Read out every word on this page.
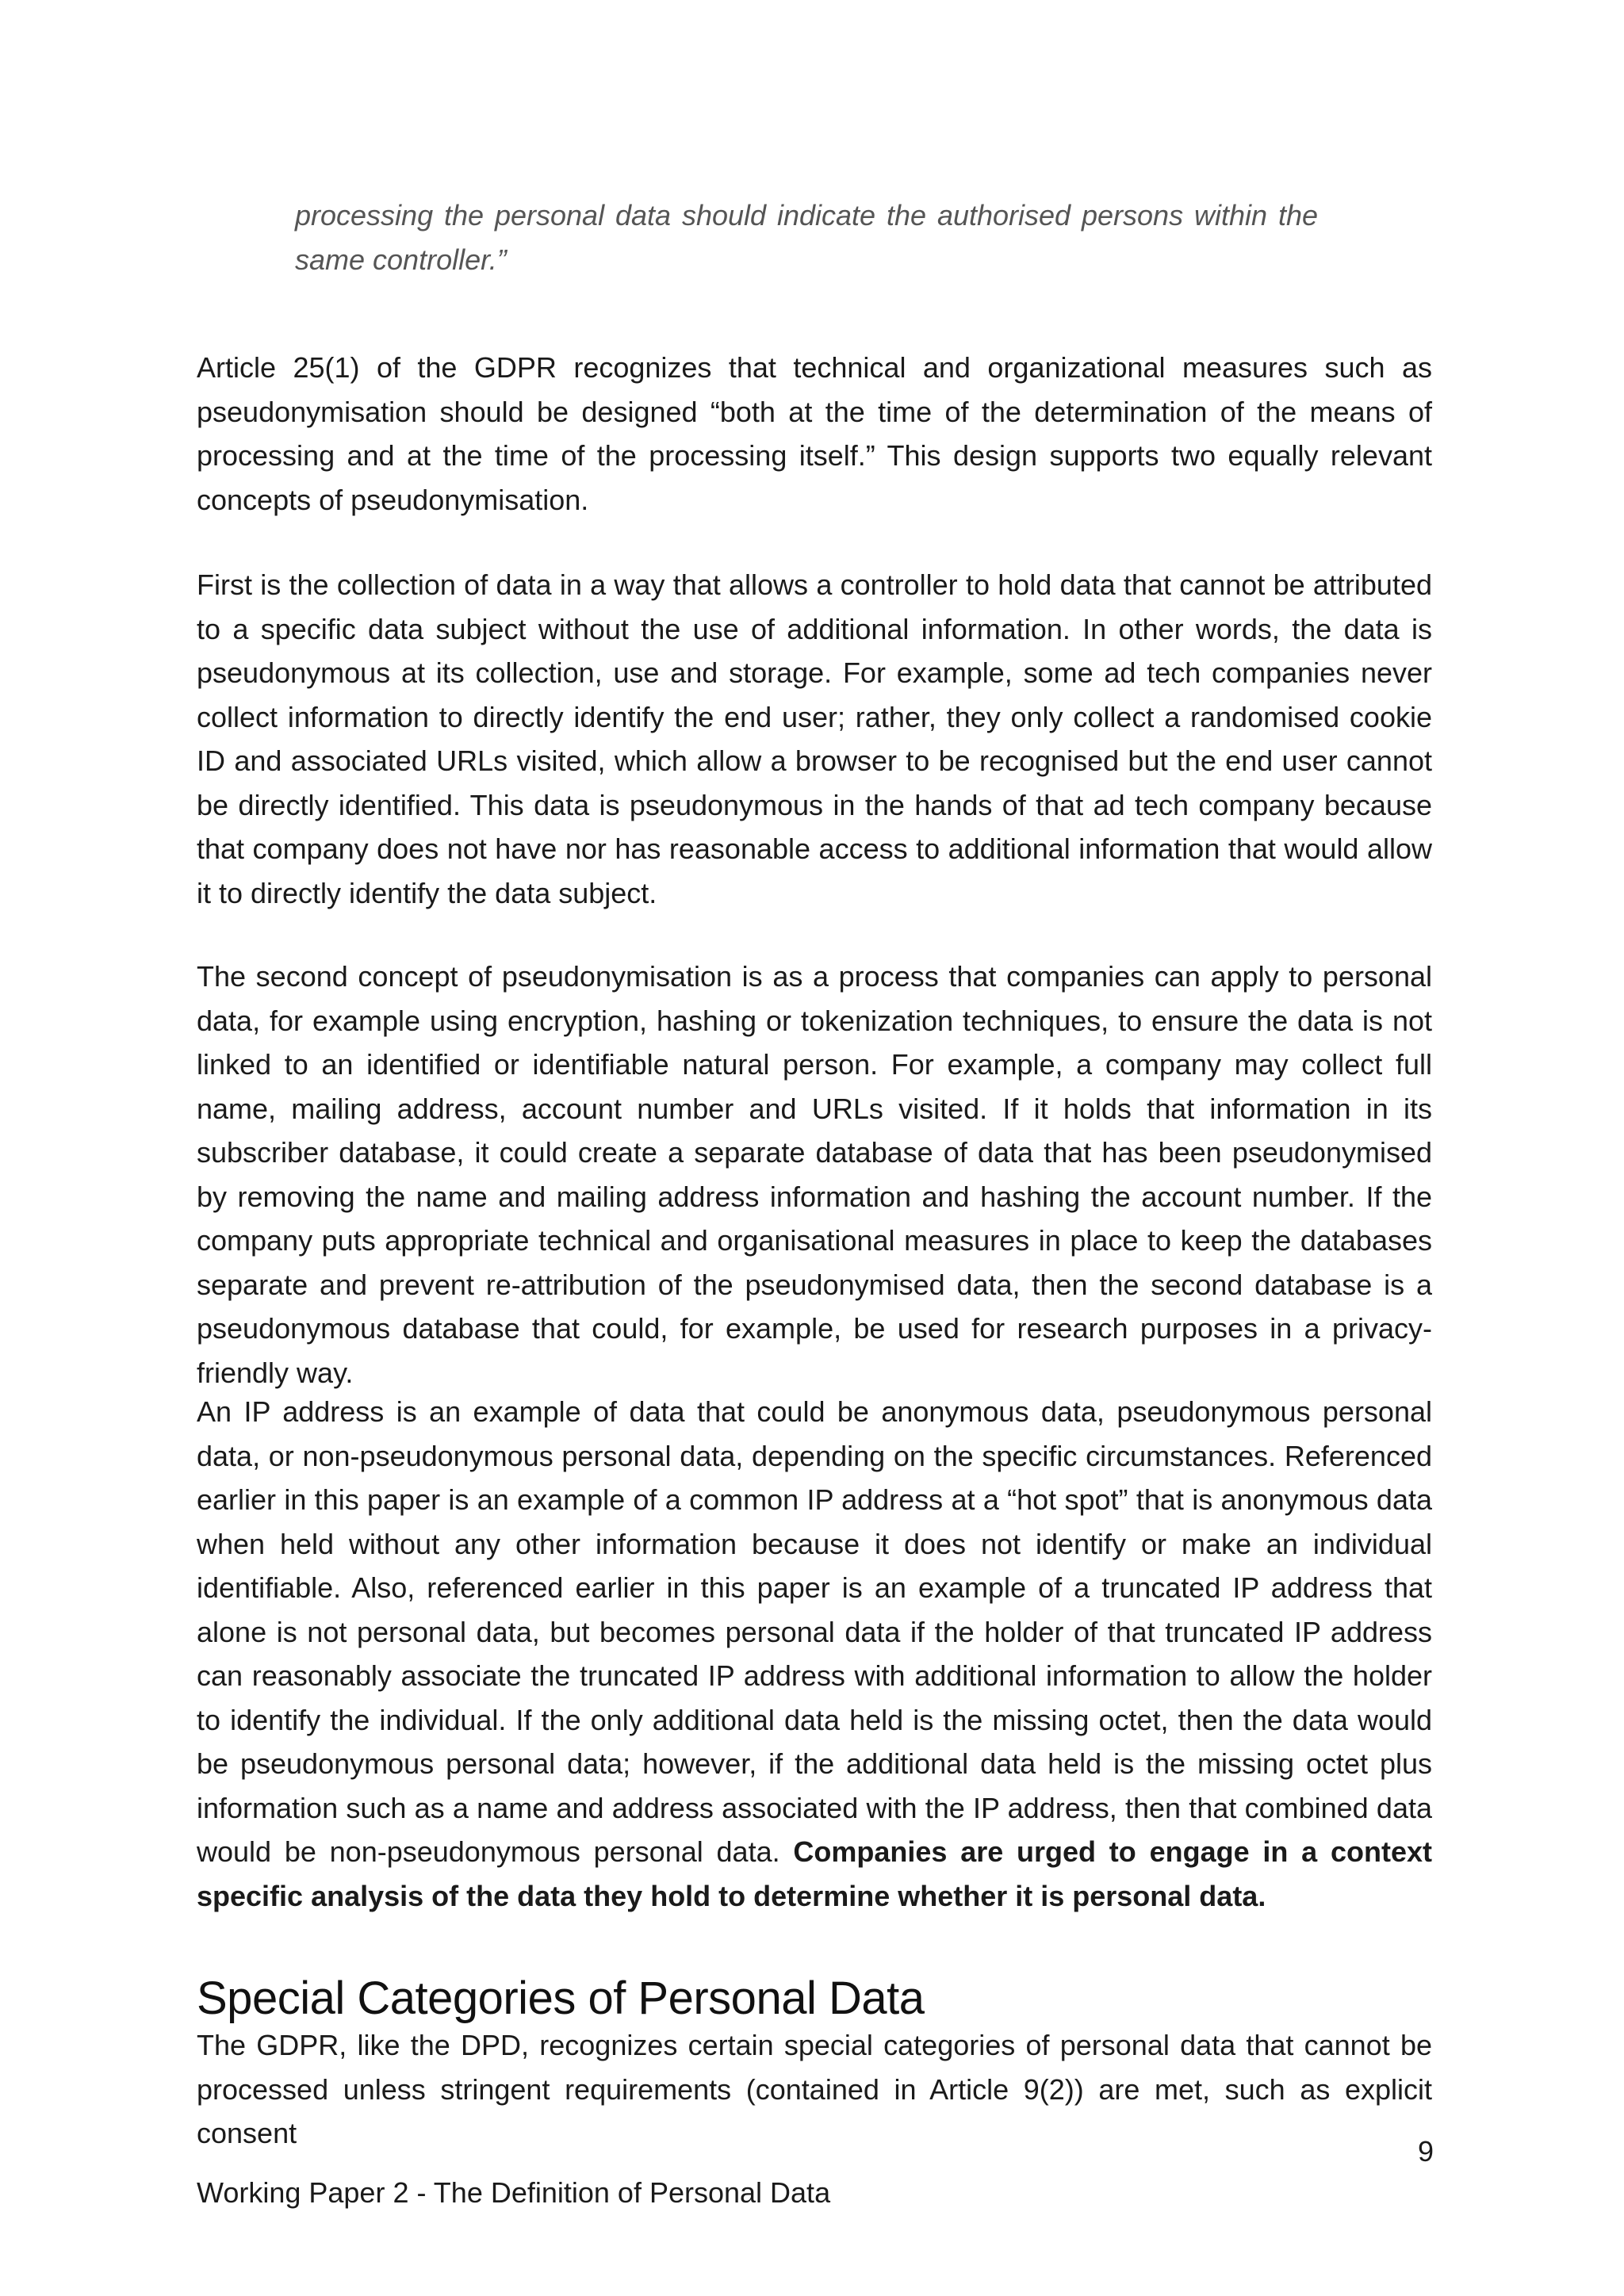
processing the personal data should indicate the authorised persons within the same controller.”

Article 25(1) of the GDPR recognizes that technical and organizational measures such as pseudonymisation should be designed “both at the time of the determination of the means of processing and at the time of the processing itself.” This design supports two equally relevant concepts of pseudonymisation.

First is the collection of data in a way that allows a controller to hold data that cannot be attributed to a specific data subject without the use of additional information. In other words, the data is pseudonymous at its collection, use and storage. For example, some ad tech companies never collect information to directly identify the end user; rather, they only collect a randomised cookie ID and associated URLs visited, which allow a browser to be recognised but the end user cannot be directly identified. This data is pseudonymous in the hands of that ad tech company because that company does not have nor has reasonable access to additional information that would allow it to directly identify the data subject.

The second concept of pseudonymisation is as a process that companies can apply to personal data, for example using encryption, hashing or tokenization techniques, to ensure the data is not linked to an identified or identifiable natural person. For example, a company may collect full name, mailing address, account number and URLs visited. If it holds that information in its subscriber database, it could create a separate database of data that has been pseudonymised by removing the name and mailing address information and hashing the account number. If the company puts appropriate technical and organisational measures in place to keep the databases separate and prevent re-attribution of the pseudonymised data, then the second database is a pseudonymous database that could, for example, be used for research purposes in a privacy-friendly way.

An IP address is an example of data that could be anonymous data, pseudonymous personal data, or non-pseudonymous personal data, depending on the specific circumstances. Referenced earlier in this paper is an example of a common IP address at a “hot spot” that is anonymous data when held without any other information because it does not identify or make an individual identifiable. Also, referenced earlier in this paper is an example of a truncated IP address that alone is not personal data, but becomes personal data if the holder of that truncated IP address can reasonably associate the truncated IP address with additional information to allow the holder to identify the individual. If the only additional data held is the missing octet, then the data would be pseudonymous personal data; however, if the additional data held is the missing octet plus information such as a name and address associated with the IP address, then that combined data would be non-pseudonymous personal data. Companies are urged to engage in a context specific analysis of the data they hold to determine whether it is personal data.

Special Categories of Personal Data

The GDPR, like the DPD, recognizes certain special categories of personal data that cannot be processed unless stringent requirements (contained in Article 9(2)) are met, such as explicit consent

9
Working Paper 2 - The Definition of Personal Data
